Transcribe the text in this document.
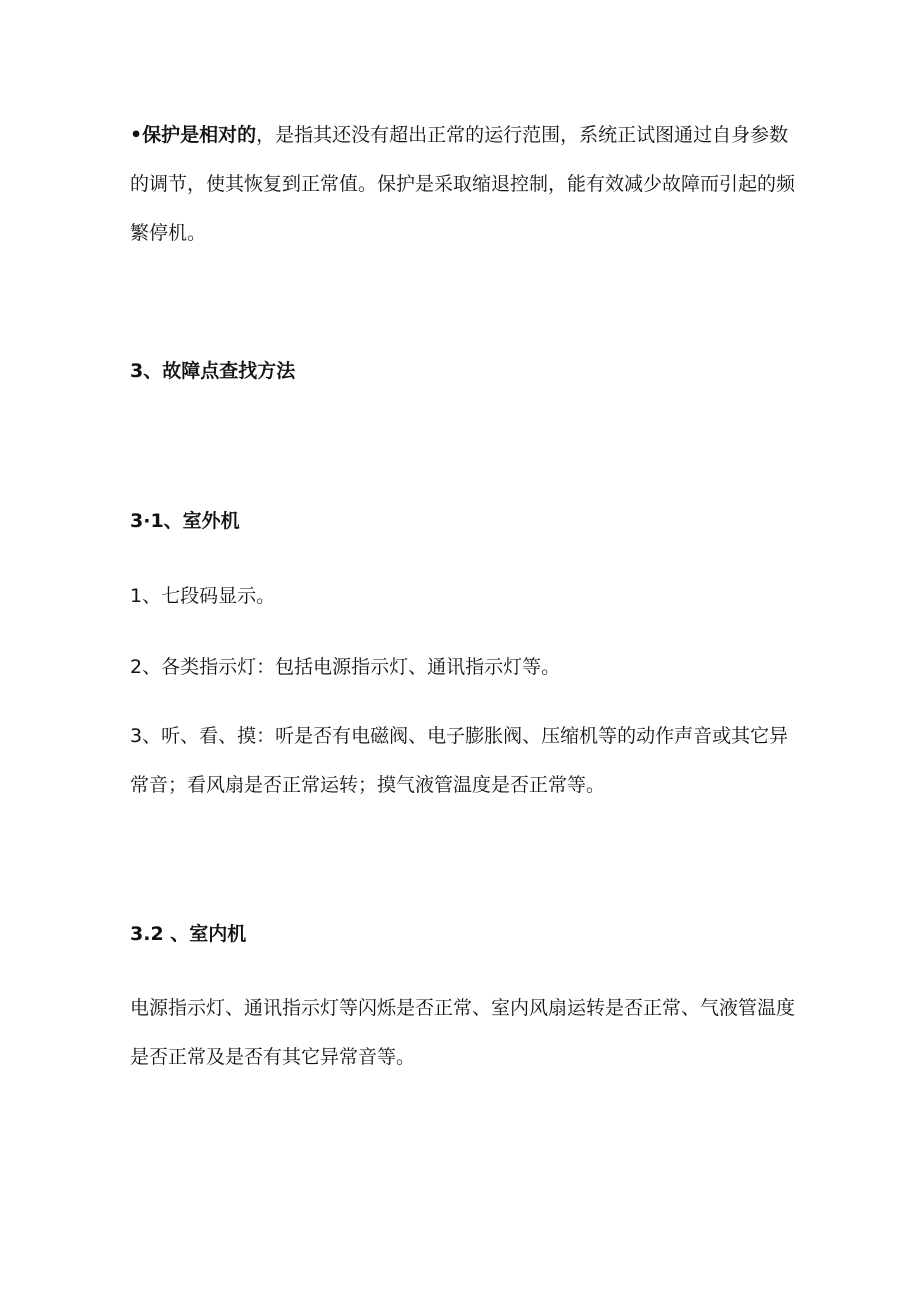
•保护是相对的，是指其还没有超出正常的运行范围，系统正试图通过自身参数的调节，使其恢复到正常值。保护是采取缩退控制，能有效减少故障而引起的频繁停机。

3、故障点查找方法
3·1、室外机

1、七段码显示。

2、各类指示灯：包括电源指示灯、通讯指示灯等。

3、听、看、摸：听是否有电磁阀、电子膨胀阀、压缩机等的动作声音或其它异常音；看风扇是否正常运转；摸气液管温度是否正常等。

3.2 、室内机

电源指示灯、通讯指示灯等闪烁是否正常、室内风扇运转是否正常、气液管温度是否正常及是否有其它异常音等。
